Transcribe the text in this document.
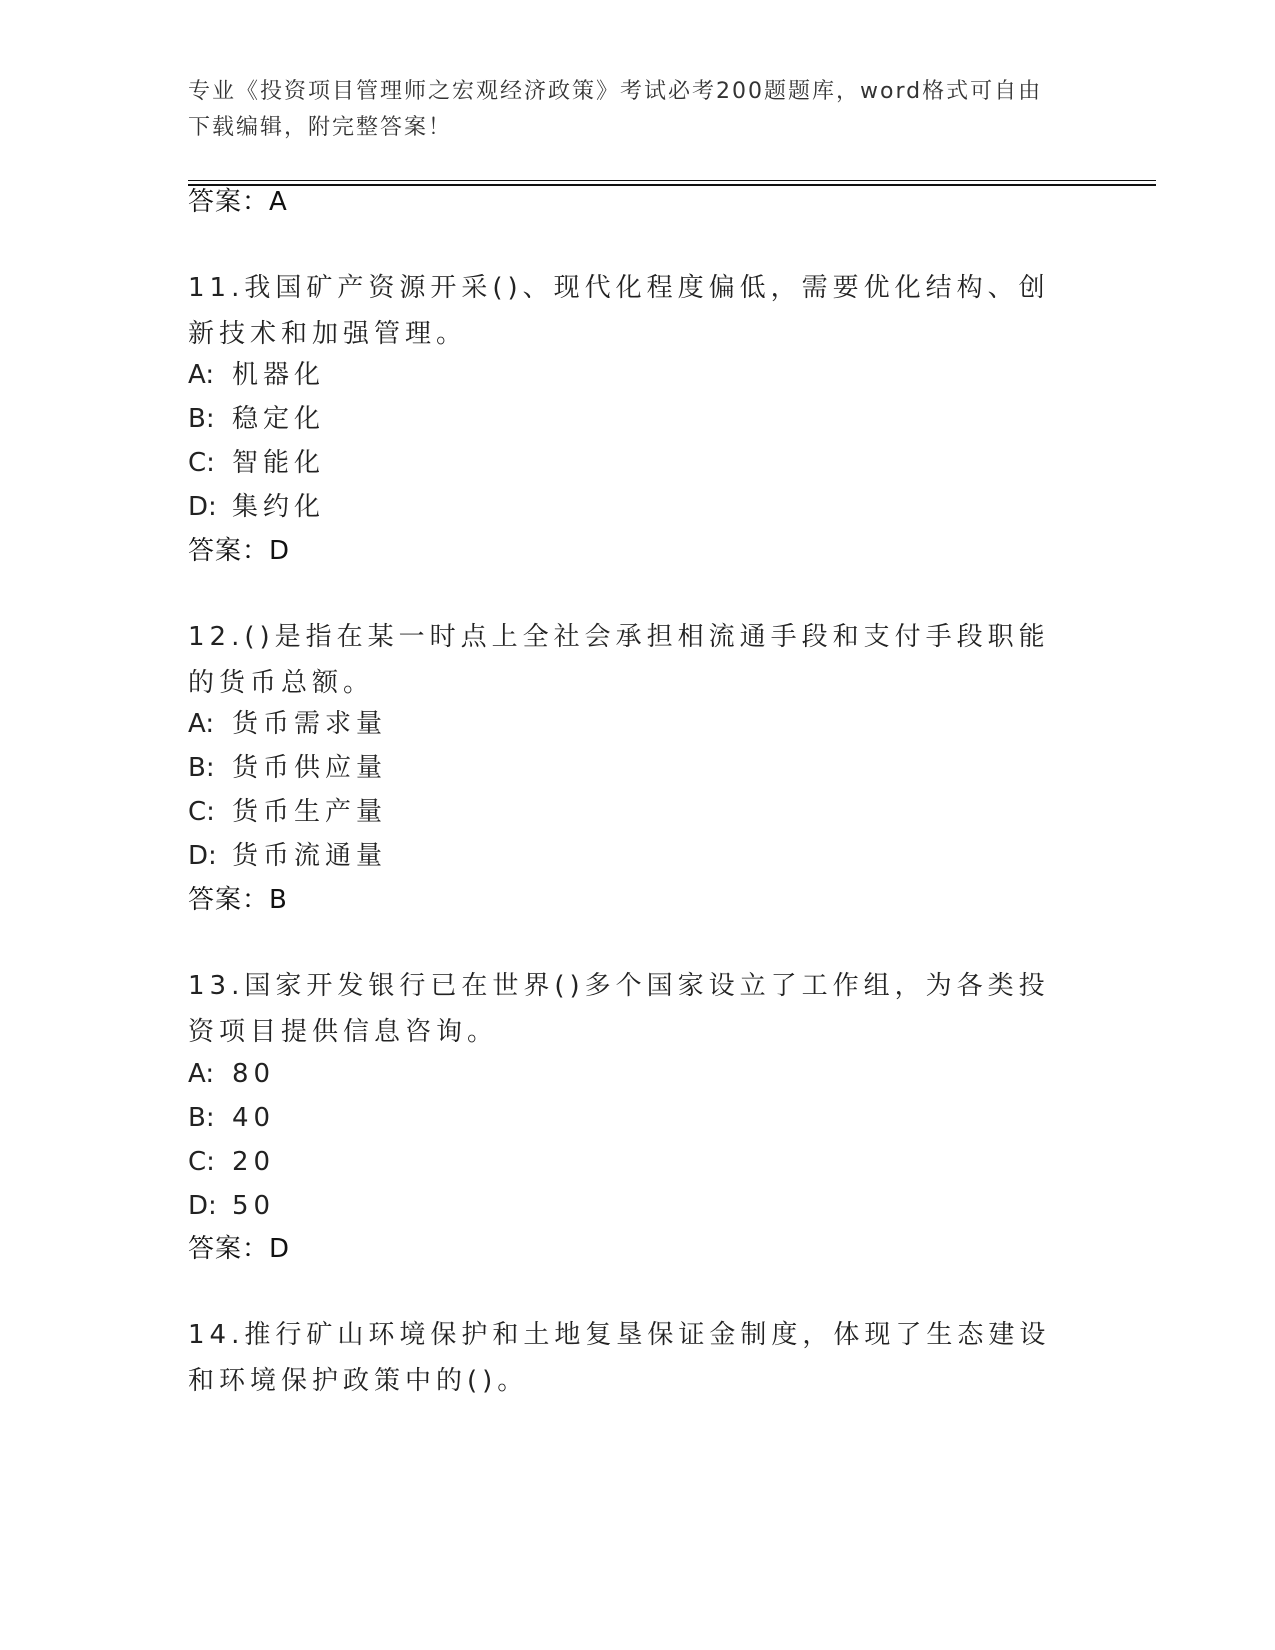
专业《投资项目管理师之宏观经济政策》考试必考200题题库，word格式可自由
下载编辑，附完整答案！
答案：A
11.我国矿产资源开采()、现代化程度偏低，需要优化结构、创新技术和加强管理。
A: 机器化
B: 稳定化
C: 智能化
D: 集约化
答案：D
12.()是指在某一时点上全社会承担相流通手段和支付手段职能的货币总额。
A: 货币需求量
B: 货币供应量
C: 货币生产量
D: 货币流通量
答案：B
13.国家开发银行已在世界()多个国家设立了工作组，为各类投资项目提供信息咨询。
A: 80
B: 40
C: 20
D: 50
答案：D
14.推行矿山环境保护和土地复垦保证金制度，体现了生态建设和环境保护政策中的()。
